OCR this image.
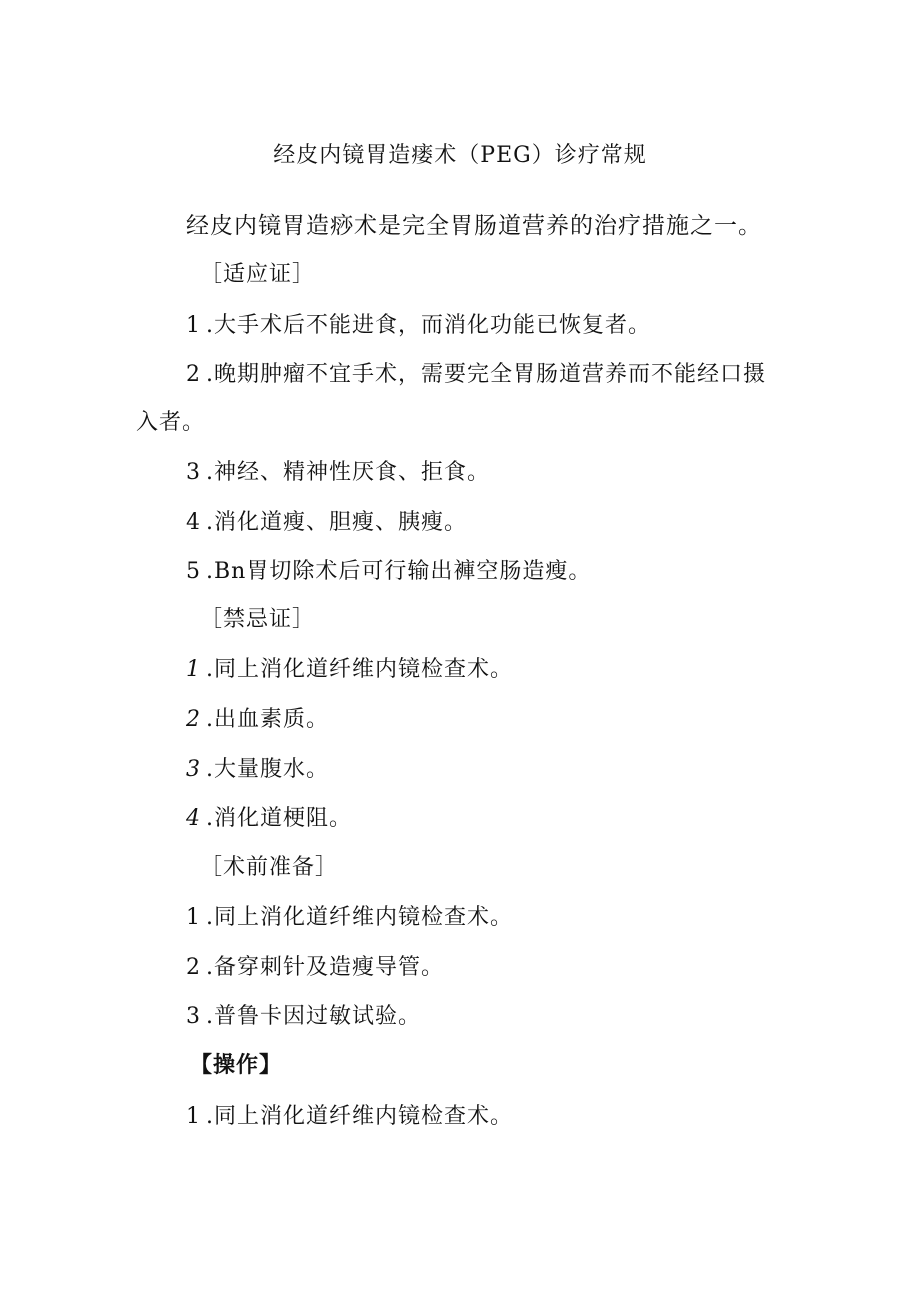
经皮内镜胃造瘘术（PEG）诊疗常规
经皮内镜胃造痧术是完全胃肠道营养的治疗措施之一。
［适应证］
1 .大手术后不能进食，而消化功能已恢复者。
2 .晚期肿瘤不宜手术，需要完全胃肠道营养而不能经口摄
入者。
3 .神经、精神性厌食、拒食。
4 .消化道瘦、胆瘦、胰瘦。
5 .Bn胃切除术后可行输出褲空肠造瘦。
［禁忌证］
1 .同上消化道纤维内镜检查术。
2 .出血素质。
3 .大量腹水。
4 .消化道梗阻。
［术前准备］
1 .同上消化道纤维内镜检查术。
2 .备穿刺针及造瘦导管。
3 .普鲁卡因过敏试验。
【操作】
1 .同上消化道纤维内镜检查术。
